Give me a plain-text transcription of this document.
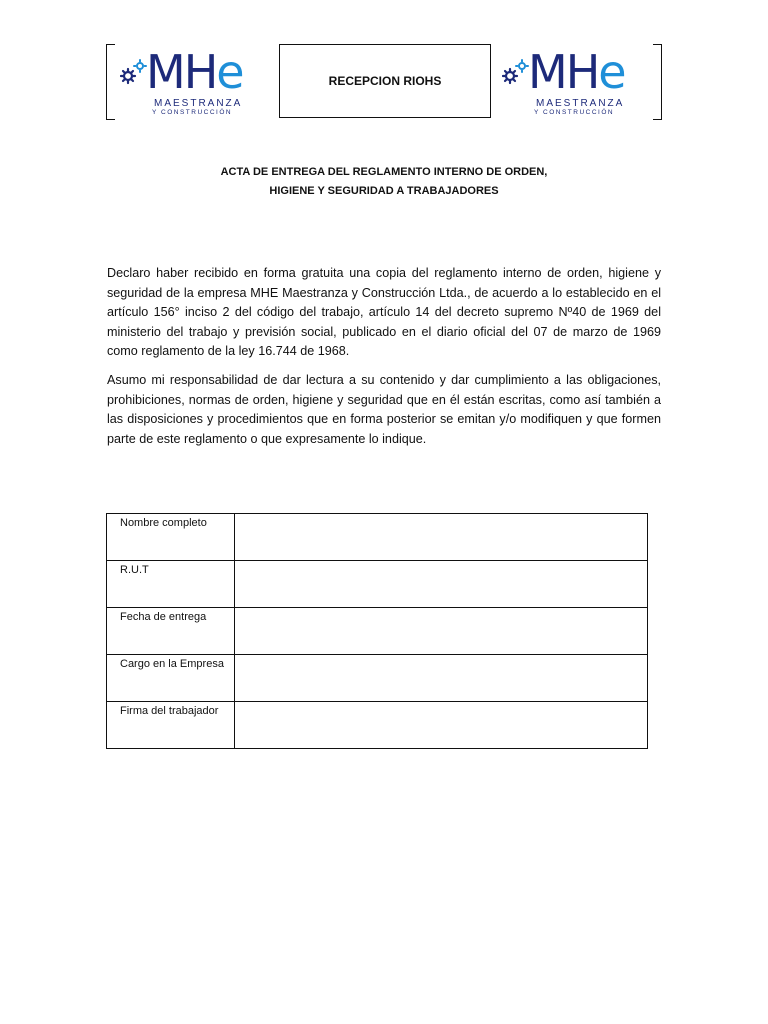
MHe
MAESTRANZA
Y CONSTRUCCIÓN
RECEPCION RIOHS MHe
MAESTRANZA
Y CONSTRUCCIÓN
ACTA DE ENTREGA DEL REGLAMENTO INTERNO DE ORDEN,
HIGIENE Y SEGURIDAD A TRABAJADORES
Declaro haber recibido en forma gratuita una copia del reglamento interno de orden, higiene y seguridad de la empresa MHE Maestranza y Construcción Ltda., de acuerdo a lo establecido en el artículo 156° inciso 2 del código del trabajo, artículo 14 del decreto supremo Nº40 de 1969 del ministerio del trabajo y previsión social, publicado en el diario oficial del 07 de marzo de 1969 como reglamento de la ley 16.744 de 1968.
Asumo mi responsabilidad de dar lectura a su contenido y dar cumplimiento a las obligaciones, prohibiciones, normas de orden, higiene y seguridad que en él están escritas, como así también a las disposiciones y procedimientos que en forma posterior se emitan y/o modifiquen y que formen parte de este reglamento o que expresamente lo indique.
Nombre completo	
R.U.T	
Fecha de entrega	
Cargo en la Empresa	
Firma del trabajador	
